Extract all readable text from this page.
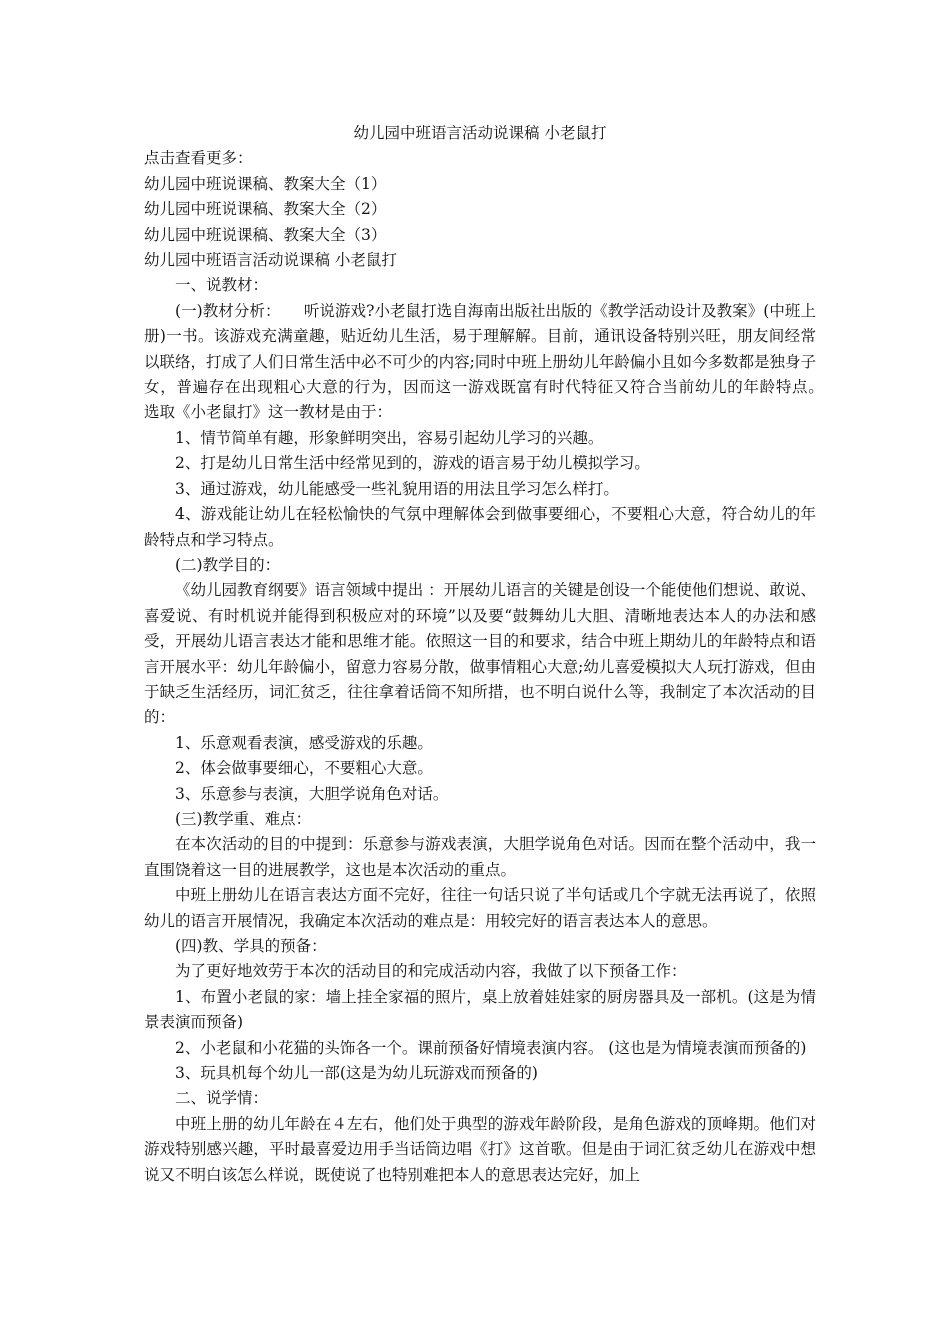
幼儿园中班语言活动说课稿 小老鼠打

点击查看更多：

幼儿园中班说课稿、教案大全（1）

幼儿园中班说课稿、教案大全（2）

幼儿园中班说课稿、教案大全（3）

幼儿园中班语言活动说课稿 小老鼠打

一、说教材：

(一)教材分析：　　听说游戏?小老鼠打选自海南出版社出版的《教学活动设计及教案》(中班上册)一书。该游戏充满童趣，贴近幼儿生活，易于理解解。目前，通讯设备特别兴旺，朋友间经常以联络，打成了人们日常生活中必不可少的内容;同时中班上册幼儿年龄偏小且如今多数都是独身子女，普遍存在出现粗心大意的行为，因而这一游戏既富有时代特征又符合当前幼儿的年龄特点。　　选取《小老鼠打》这一教材是由于：

1、情节简单有趣，形象鲜明突出，容易引起幼儿学习的兴趣。

2、打是幼儿日常生活中经常见到的，游戏的语言易于幼儿模拟学习。

3、通过游戏，幼儿能感受一些礼貌用语的用法且学习怎么样打。

4、游戏能让幼儿在轻松愉快的气氛中理解体会到做事要细心，不要粗心大意，符合幼儿的年龄特点和学习特点。

(二)教学目的：

《幼儿园教育纲要》语言领域中提出 ：开展幼儿语言的关键是创设一个能使他们想说、敢说、喜爱说、有时机说并能得到积极应对的环境”以及要“鼓舞幼儿大胆、清晰地表达本人的办法和感受，开展幼儿语言表达才能和思维才能。依照这一目的和要求，结合中班上期幼儿的年龄特点和语言开展水平：幼儿年龄偏小，留意力容易分散，做事情粗心大意;幼儿喜爱模拟大人玩打游戏，但由于缺乏生活经历，词汇贫乏，往往拿着话筒不知所措，也不明白说什么等，我制定了本次活动的目的：

1、乐意观看表演，感受游戏的乐趣。

2、体会做事要细心，不要粗心大意。

3、乐意参与表演，大胆学说角色对话。

(三)教学重、难点：

在本次活动的目的中提到：乐意参与游戏表演，大胆学说角色对话。因而在整个活动中，我一直围饶着这一目的进展教学，这也是本次活动的重点。

中班上册幼儿在语言表达方面不完好，往往一句话只说了半句话或几个字就无法再说了，依照幼儿的语言开展情况，我确定本次活动的难点是：用较完好的语言表达本人的意思。

(四)教、学具的预备：

为了更好地效劳于本次的活动目的和完成活动内容，我做了以下预备工作：

1、布置小老鼠的家：墙上挂全家福的照片，桌上放着娃娃家的厨房器具及一部机。(这是为情景表演而预备)

2、小老鼠和小花猫的头饰各一个。课前预备好情境表演内容。 (这也是为情境表演而预备的)

3、玩具机每个幼儿一部(这是为幼儿玩游戏而预备的)

二、说学情：

中班上册的幼儿年龄在４左右，他们处于典型的游戏年龄阶段，是角色游戏的顶峰期。他们对游戏特别感兴趣，平时最喜爱边用手当话筒边唱《打》这首歌。但是由于词汇贫乏幼儿在游戏中想说又不明白该怎么样说，既使说了也特别难把本人的意思表达完好，加上
